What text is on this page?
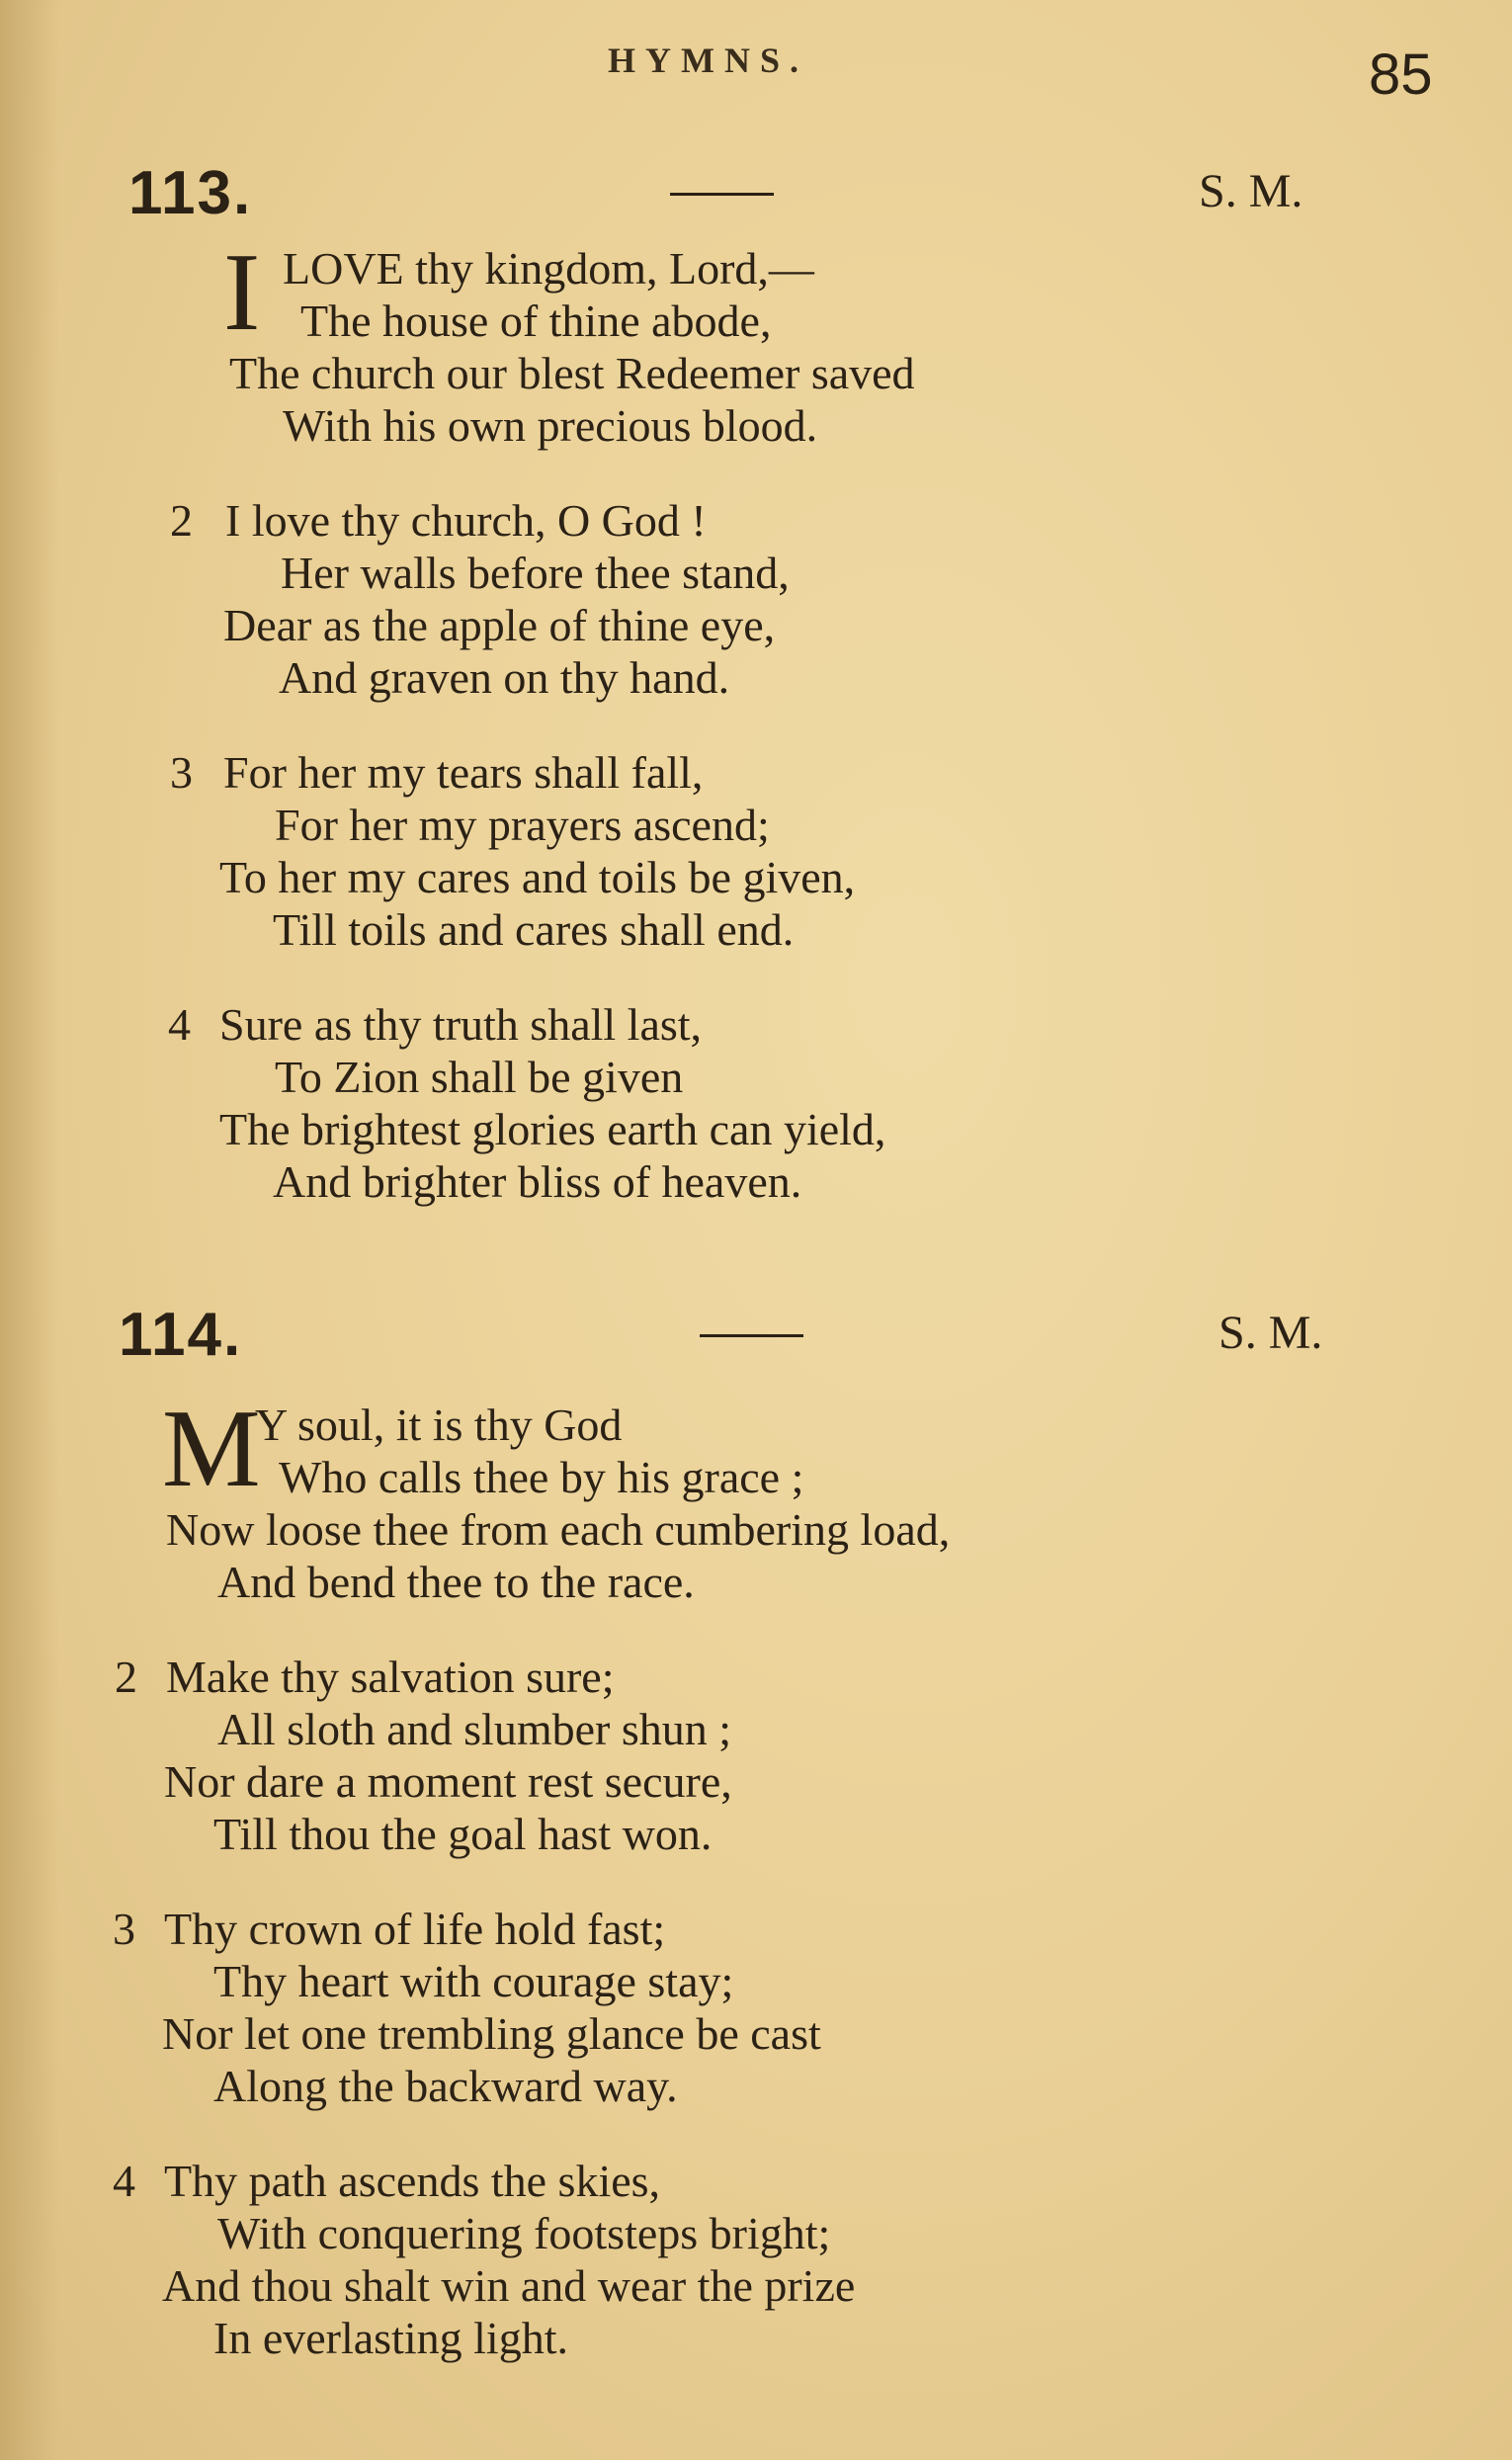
HYMNS.	85
113.	S. M.
I LOVE thy kingdom, Lord,—
The house of thine abode,
The church our blest Redeemer saved
With his own precious blood.
2 I love thy church, O God !
Her walls before thee stand,
Dear as the apple of thine eye,
And graven on thy hand.
3 For her my tears shall fall,
For her my prayers ascend;
To her my cares and toils be given,
Till toils and cares shall end.
4 Sure as thy truth shall last,
To Zion shall be given
The brightest glories earth can yield,
And brighter bliss of heaven.
114.	S. M.
M
Y soul, it is thy God
Who calls thee by his grace ;
Now loose thee from each cumbering load,
And bend thee to the race.
2 Make thy salvation sure;
All sloth and slumber shun ;
Nor dare a moment rest secure,
Till thou the goal hast won.
3 Thy crown of life hold fast;
Thy heart with courage stay;
Nor let one trembling glance be cast
Along the backward way.
4 Thy path ascends the skies,
With conquering footsteps bright;
And thou shalt win and wear the prize
In everlasting light.
